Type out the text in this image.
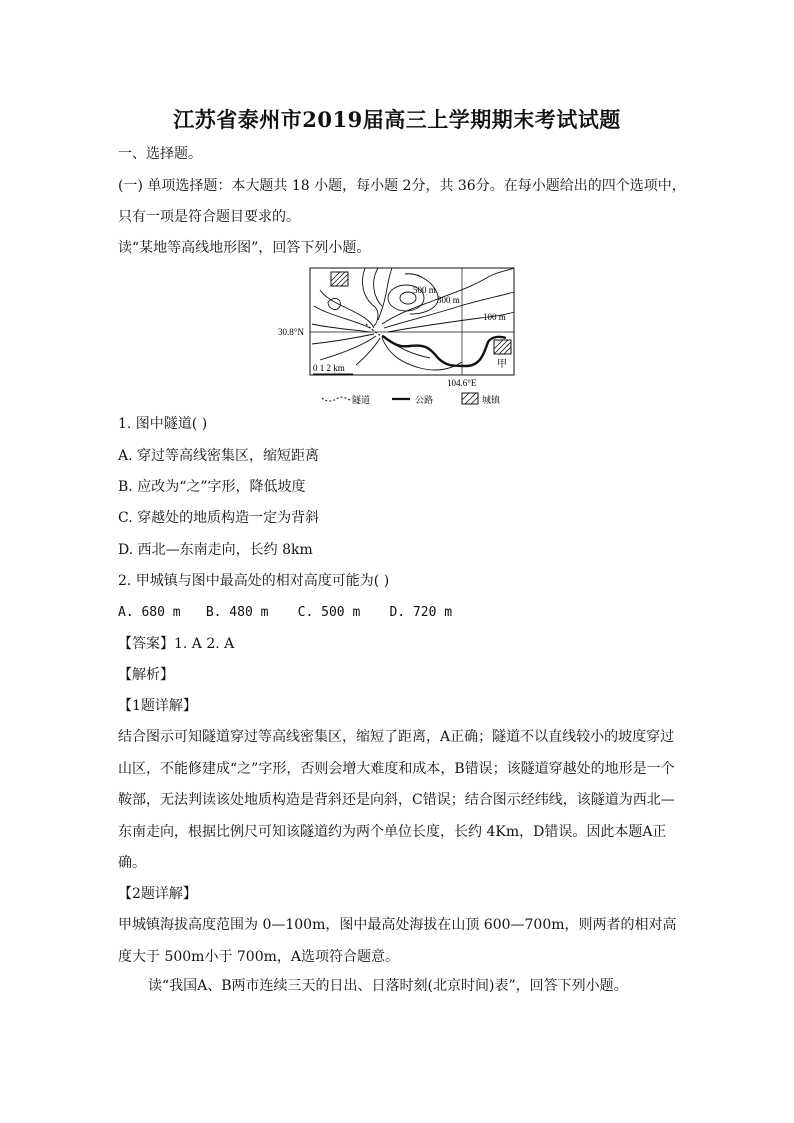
江苏省泰州市2019届高三上学期期末考试试题
一、选择题。
(一) 单项选择题：本大题共 18 小题，每小题 2分，共 36分。在每小题给出的四个选项中，
只有一项是符合题目要求的。
读“某地等高线地形图”，回答下列小题。
甲
500 m
300 m
100 m
30.8°N
104.6°E
0 1 2 km
隧道	公路	城镇
1. 图中隧道( )
A. 穿过等高线密集区，缩短距离
B. 应改为“之”字形，降低坡度
C. 穿越处的地质构造一定为背斜
D. 西北—东南走向，长约 8km
2. 甲城镇与图中最高处的相对高度可能为( )
A. 680 m B. 480 m C. 500 m D. 720 m
【答案】1. A 2. A
【解析】
【1题详解】
结合图示可知隧道穿过等高线密集区，缩短了距离，A正确；隧道不以直线较小的坡度穿过山区，不能修建成“之”字形，否则会增大难度和成本，B错误；该隧道穿越处的地形是一个鞍部，无法判读该处地质构造是背斜还是向斜，C错误；结合图示经纬线，该隧道为西北—东南走向，根据比例尺可知该隧道约为两个单位长度，长约 4Km，D错误。因此本题A正确。
【2题详解】
甲城镇海拔高度范围为 0—100m，图中最高处海拔在山顶 600—700m，则两者的相对高度大于 500m小于 700m，A选项符合题意。
读“我国A、B两市连续三天的日出、日落时刻(北京时间)表”，回答下列小题。
